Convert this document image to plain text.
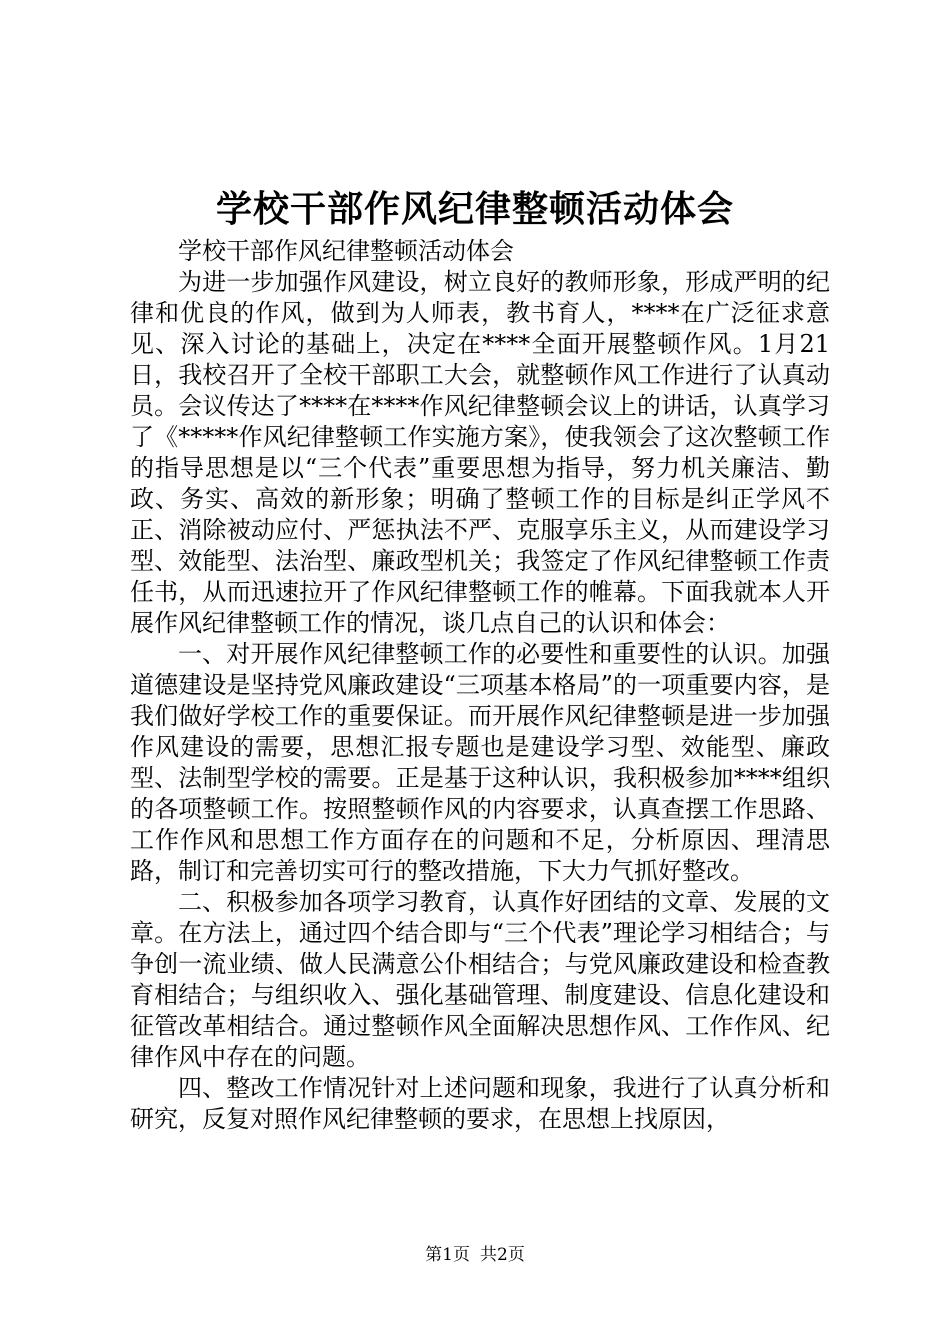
学校干部作风纪律整顿活动体会

学校干部作风纪律整顿活动体会

为进一步加强作风建设，树立良好的教师形象，形成严明的纪律和优良的作风，做到为人师表，教书育人，****在广泛征求意见、深入讨论的基础上，决定在****全面开展整顿作风。1月21日，我校召开了全校干部职工大会，就整顿作风工作进行了认真动员。会议传达了****在****作风纪律整顿会议上的讲话，认真学习了《*****作风纪律整顿工作实施方案》，使我领会了这次整顿工作的指导思想是以“三个代表”重要思想为指导，努力机关廉洁、勤政、务实、高效的新形象；明确了整顿工作的目标是纠正学风不正、消除被动应付、严惩执法不严、克服享乐主义，从而建设学习型、效能型、法治型、廉政型机关；我签定了作风纪律整顿工作责任书，从而迅速拉开了作风纪律整顿工作的帷幕。下面我就本人开展作风纪律整顿工作的情况，谈几点自己的认识和体会：

一、对开展作风纪律整顿工作的必要性和重要性的认识。加强道德建设是坚持党风廉政建设“三项基本格局”的一项重要内容，是我们做好学校工作的重要保证。而开展作风纪律整顿是进一步加强作风建设的需要，思想汇报专题也是建设学习型、效能型、廉政型、法制型学校的需要。正是基于这种认识，我积极参加****组织的各项整顿工作。按照整顿作风的内容要求，认真查摆工作思路、工作作风和思想工作方面存在的问题和不足，分析原因、理清思路，制订和完善切实可行的整改措施，下大力气抓好整改。

二、积极参加各项学习教育，认真作好团结的文章、发展的文章。在方法上，通过四个结合即与“三个代表”理论学习相结合；与争创一流业绩、做人民满意公仆相结合；与党风廉政建设和检查教育相结合；与组织收入、强化基础管理、制度建设、信息化建设和征管改革相结合。通过整顿作风全面解决思想作风、工作作风、纪律作风中存在的问题。

四、整改工作情况针对上述问题和现象，我进行了认真分析和研究，反复对照作风纪律整顿的要求，在思想上找原因，

第1页 共2页
